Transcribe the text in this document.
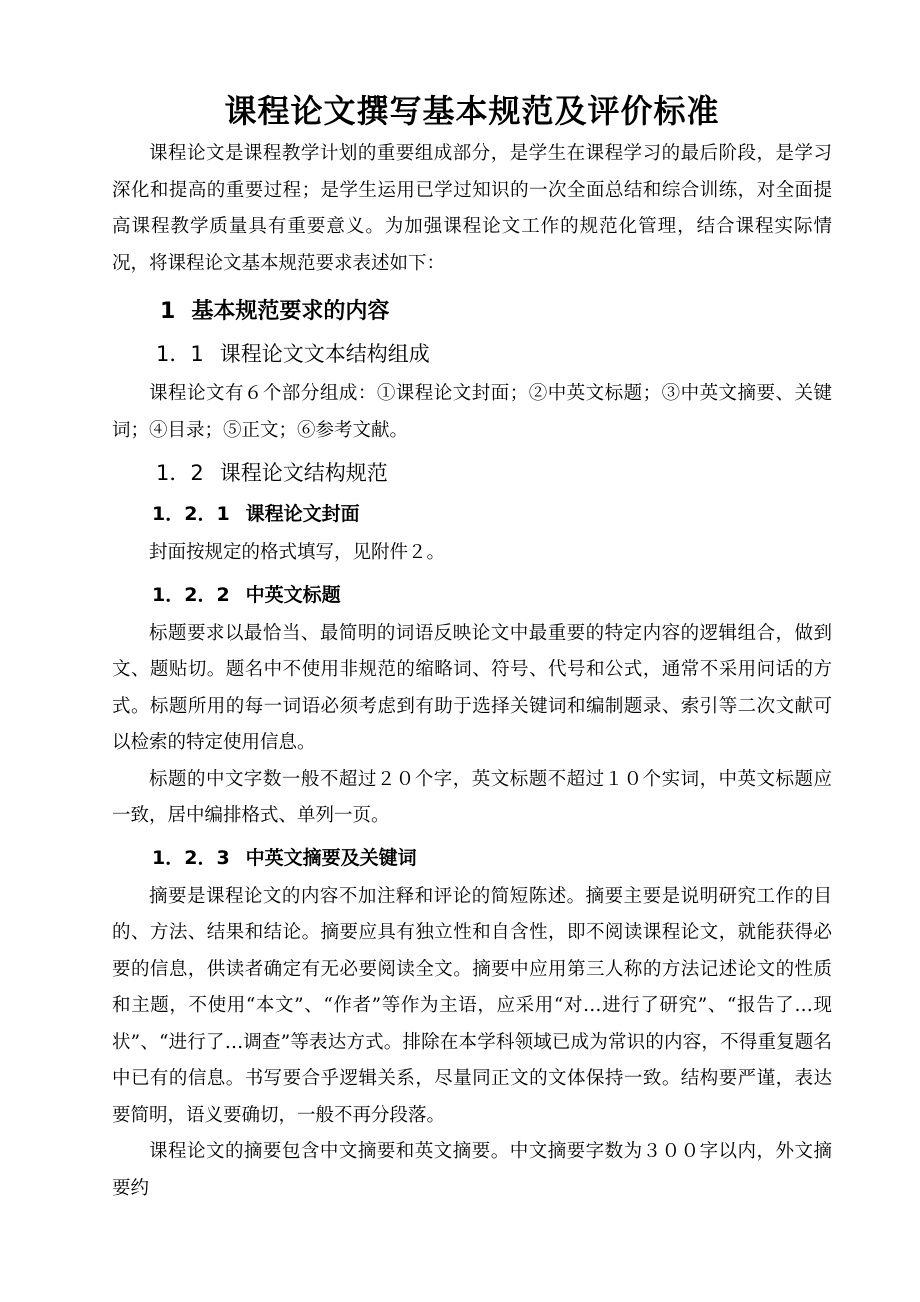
课程论文撰写基本规范及评价标准

课程论文是课程教学计划的重要组成部分，是学生在课程学习的最后阶段，是学习深化和提高的重要过程；是学生运用已学过知识的一次全面总结和综合训练，对全面提高课程教学质量具有重要意义。为加强课程论文工作的规范化管理，结合课程实际情况，将课程论文基本规范要求表述如下：

1 基本规范要求的内容
1．1 课程论文文本结构组成

课程论文有６个部分组成：①课程论文封面；②中英文标题；③中英文摘要、关键词；④目录；⑤正文；⑥参考文献。

1．2 课程论文结构规范
1．2．1 课程论文封面

封面按规定的格式填写，见附件２。

1．2．2 中英文标题

标题要求以最恰当、最简明的词语反映论文中最重要的特定内容的逻辑组合，做到文、题贴切。题名中不使用非规范的缩略词、符号、代号和公式，通常不采用问话的方式。标题所用的每一词语必须考虑到有助于选择关键词和编制题录、索引等二次文献可以检索的特定使用信息。

标题的中文字数一般不超过２０个字，英文标题不超过１０个实词，中英文标题应一致，居中编排格式、单列一页。

1．2．3 中英文摘要及关键词

摘要是课程论文的内容不加注释和评论的简短陈述。摘要主要是说明研究工作的目的、方法、结果和结论。摘要应具有独立性和自含性，即不阅读课程论文，就能获得必要的信息，供读者确定有无必要阅读全文。摘要中应用第三人称的方法记述论文的性质和主题，不使用“本文”、“作者”等作为主语，应采用“对…进行了研究”、“报告了…现状”、“进行了…调查”等表达方式。排除在本学科领域已成为常识的内容，不得重复题名中已有的信息。书写要合乎逻辑关系，尽量同正文的文体保持一致。结构要严谨，表达要简明，语义要确切，一般不再分段落。

课程论文的摘要包含中文摘要和英文摘要。中文摘要字数为３００字以内，外文摘要约
